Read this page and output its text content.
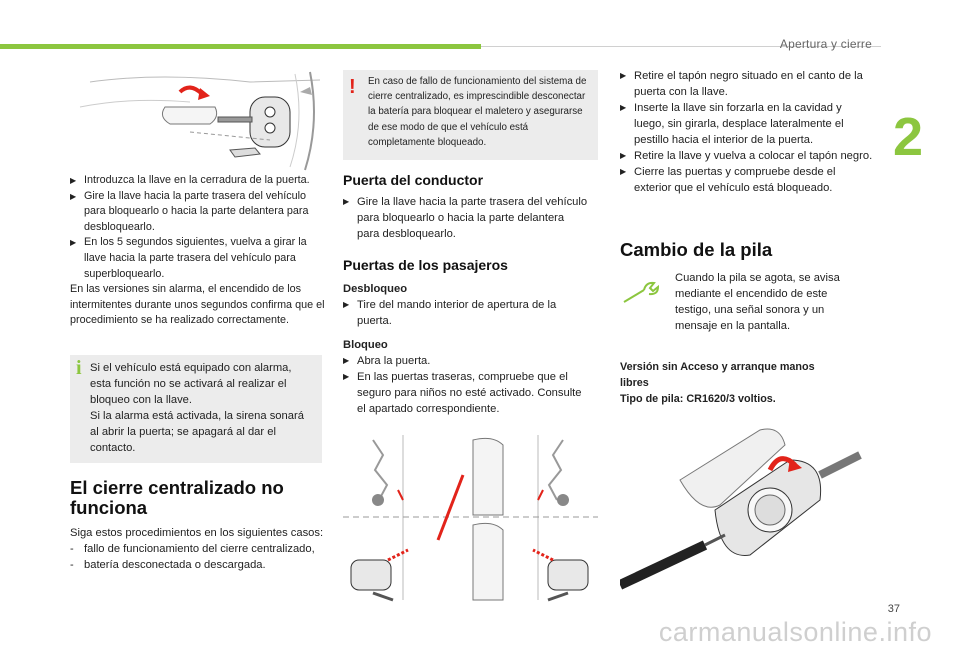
Apertura y cierre
2
37
carmanualsonline.info
▶ Introduzca la llave en la cerradura de la puerta.
▶ Gire la llave hacia la parte trasera del vehículo para bloquearlo o hacia la parte delantera para desbloquearlo.
▶ En los 5 segundos siguientes, vuelva a girar la llave hacia la parte trasera del vehículo para superbloquearlo.
En las versiones sin alarma, el encendido de los intermitentes durante unos segundos confirma que el procedimiento se ha realizado correctamente.
i Si el vehículo está equipado con alarma, esta función no se activará al realizar el bloqueo con la llave.
Si la alarma está activada, la sirena sonará al abrir la puerta; se apagará al dar el contacto.
El cierre centralizado no funciona
Siga estos procedimientos en los siguientes casos:
- fallo de funcionamiento del cierre centralizado,
- batería desconectada o descargada.
! En caso de fallo de funcionamiento del sistema de cierre centralizado, es imprescindible desconectar la batería para bloquear el maletero y asegurarse de ese modo de que el vehículo está completamente bloqueado.
Puerta del conductor
▶ Gire la llave hacia la parte trasera del vehículo para bloquearlo o hacia la parte delantera para desbloquearlo.
Puertas de los pasajeros
Desbloqueo
▶ Tire del mando interior de apertura de la puerta.
Bloqueo
▶ Abra la puerta.
▶ En las puertas traseras, compruebe que el seguro para niños no esté activado. Consulte el apartado correspondiente.
▶ Retire el tapón negro situado en el canto de la puerta con la llave.
▶ Inserte la llave sin forzarla en la cavidad y luego, sin girarla, desplace lateralmente el pestillo hacia el interior de la puerta.
▶ Retire la llave y vuelva a colocar el tapón negro.
▶ Cierre las puertas y compruebe desde el exterior que el vehículo está bloqueado.
Cambio de la pila
Cuando la pila se agota, se avisa mediante el encendido de este testigo, una señal sonora y un mensaje en la pantalla.
Versión sin Acceso y arranque manos
libres
Tipo de pila: CR1620/3 voltios.
